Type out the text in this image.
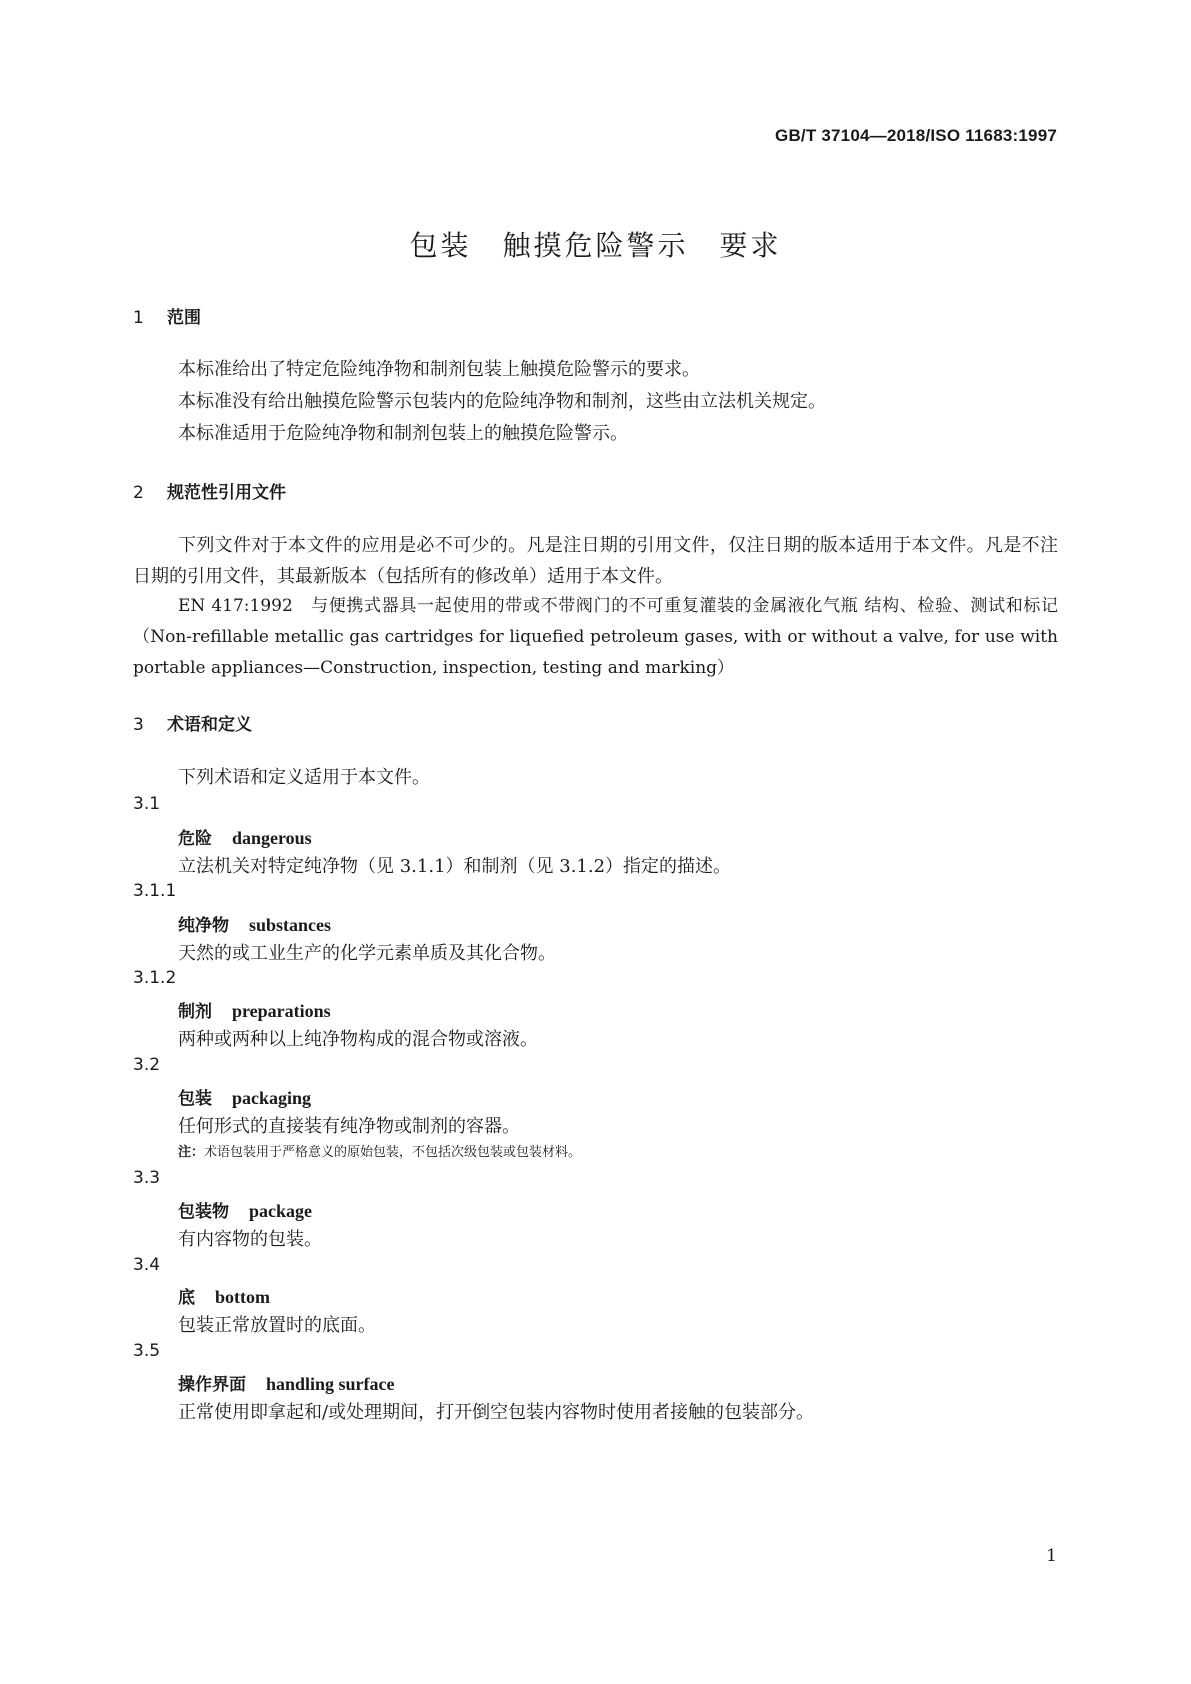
GB/T 37104—2018/ISO 11683:1997
包装　触摸危险警示　要求
1 范围
本标准给出了特定危险纯净物和制剂包装上触摸危险警示的要求。
本标准没有给出触摸危险警示包装内的危险纯净物和制剂，这些由立法机关规定。
本标准适用于危险纯净物和制剂包装上的触摸危险警示。
2 规范性引用文件
下列文件对于本文件的应用是必不可少的。凡是注日期的引用文件，仅注日期的版本适用于本文件。凡是不注日期的引用文件，其最新版本（包括所有的修改单）适用于本文件。
EN 417:1992　与便携式器具一起使用的带或不带阀门的不可重复灌装的金属液化气瓶 结构、检验、测试和标记（Non-refillable metallic gas cartridges for liquefied petroleum gases, with or without a valve, for use with portable appliances—Construction, inspection, testing and marking）
3 术语和定义
下列术语和定义适用于本文件。
3.1
危险 dangerous
立法机关对特定纯净物（见 3.1.1）和制剂（见 3.1.2）指定的描述。
3.1.1
纯净物 substances
天然的或工业生产的化学元素单质及其化合物。
3.1.2
制剂 preparations
两种或两种以上纯净物构成的混合物或溶液。
3.2
包装 packaging
任何形式的直接装有纯净物或制剂的容器。
注：术语包装用于严格意义的原始包装，不包括次级包装或包装材料。
3.3
包装物 package
有内容物的包装。
3.4
底 bottom
包装正常放置时的底面。
3.5
操作界面 handling surface
正常使用即拿起和/或处理期间，打开倒空包装内容物时使用者接触的包装部分。
1
